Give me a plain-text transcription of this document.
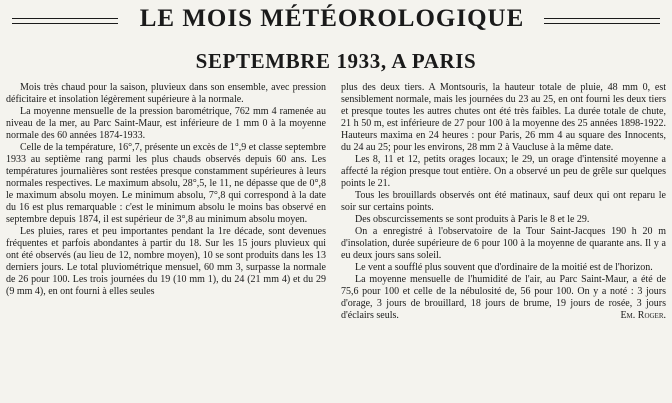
LE MOIS MÉTÉOROLOGIQUE
SEPTEMBRE 1933, A PARIS

Mois très chaud pour la saison, pluvieux dans son ensemble, avec pression déficitaire et insolation légèrement supérieure à la normale.

La moyenne mensuelle de la pression barométrique, 762 mm 4 ramenée au niveau de la mer, au Parc Saint-Maur, est inférieure de 1 mm 0 à la moyenne normale des 60 années 1874-1933.

Celle de la température, 16°,7, présente un excès de 1°,9 et classe septembre 1933 au septième rang parmi les plus chauds observés depuis 60 ans. Les températures journalières sont restées presque constamment supérieures à leurs normales respectives. Le maximum absolu, 28°,5, le 11, ne dépasse que de 0°,8 le maximum absolu moyen. Le minimum absolu, 7°,8 qui correspond à la date du 16 est plus remarquable : c'est le minimum absolu le moins bas observé en septembre depuis 1874, il est supérieur de 3°,8 au minimum absolu moyen.

Les pluies, rares et peu importantes pendant la 1re décade, sont devenues fréquentes et parfois abondantes à partir du 18. Sur les 15 jours pluvieux qui ont été observés (au lieu de 12, nombre moyen), 10 se sont produits dans les 13 derniers jours. Le total pluviométrique mensuel, 60 mm 3, surpasse la normale de 26 pour 100. Les trois journées du 19 (10 mm 1), du 24 (21 mm 4) et du 29 (9 mm 4), en ont fourni à elles seules

plus des deux tiers. A Montsouris, la hauteur totale de pluie, 48 mm 0, est sensiblement normale, mais les journées du 23 au 25, en ont fourni les deux tiers et presque toutes les autres chutes ont été très faibles. La durée totale de chute, 21 h 50 m, est inférieure de 27 pour 100 à la moyenne des 25 années 1898-1922. Hauteurs maxima en 24 heures : pour Paris, 26 mm 4 au square des Innocents, du 24 au 25; pour les environs, 28 mm 2 à Vaucluse à la même date.

Les 8, 11 et 12, petits orages locaux; le 29, un orage d'intensité moyenne a affecté la région presque tout entière. On a observé un peu de grêle sur quelques points le 21.

Tous les brouillards observés ont été matinaux, sauf deux qui ont reparu le soir sur certains points.

Des obscurcissements se sont produits à Paris le 8 et le 29.

On a enregistré à l'observatoire de la Tour Saint-Jacques 190 h 20 m d'insolation, durée supérieure de 6 pour 100 à la moyenne de quarante ans. Il y a eu deux jours sans soleil.

Le vent a soufflé plus souvent que d'ordinaire de la moitié est de l'horizon.

La moyenne mensuelle de l'humidité de l'air, au Parc Saint-Maur, a été de 75,6 pour 100 et celle de la nébulosité de, 56 pour 100. On y a noté : 3 jours d'orage, 3 jours de brouillard, 18 jours de brume, 19 jours de rosée, 3 jours d'éclairs seuls.	Em. Roger.
